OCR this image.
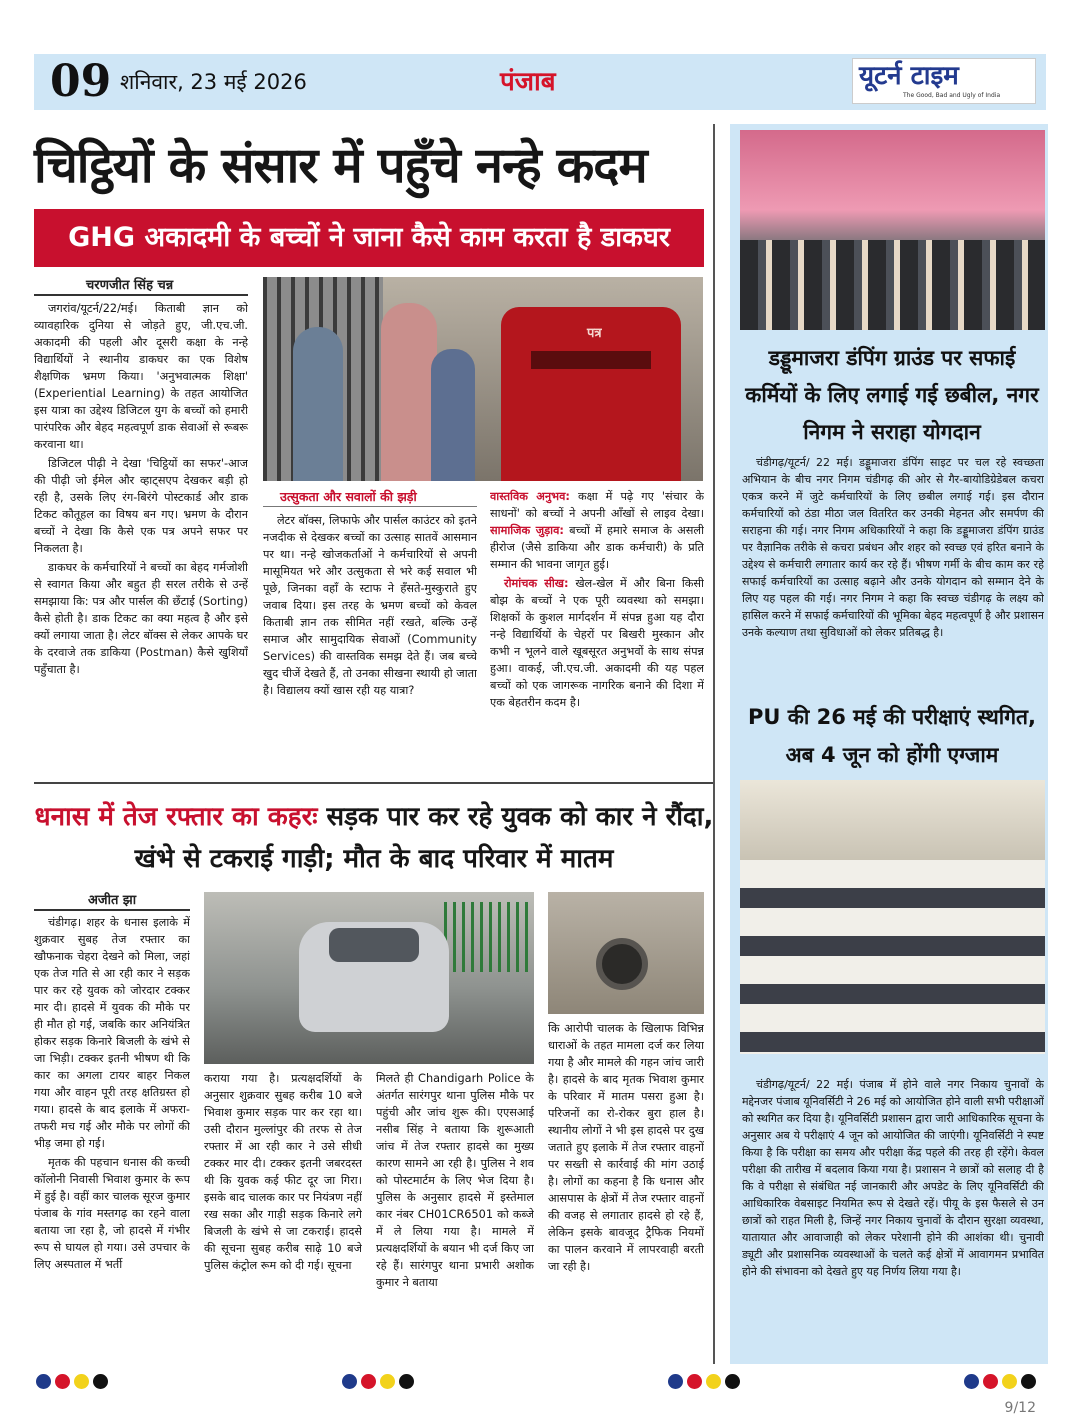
09 शनिवार, 23 मई 2026	पंजाब	यूटर्न टाइम
The Good, Bad and Ugly of India
चिट्ठियों के संसार में पहुँचे नन्हे कदम
GHG अकादमी के बच्चों ने जाना कैसे काम करता है डाकघर
चरणजीत सिंह चन्न

जगरांव/यूटर्न/22/मई। किताबी ज्ञान को व्यावहारिक दुनिया से जोड़ते हुए, जी.एच.जी. अकादमी की पहली और दूसरी कक्षा के नन्हे विद्यार्थियों ने स्थानीय डाकघर का एक विशेष शैक्षणिक भ्रमण किया। 'अनुभवात्मक शिक्षा' (Experiential Learning) के तहत आयोजित इस यात्रा का उद्देश्य डिजिटल युग के बच्चों को हमारी पारंपरिक और बेहद महत्वपूर्ण डाक सेवाओं से रूबरू करवाना था।

डिजिटल पीढ़ी ने देखा 'चिट्ठियों का सफर'-आज की पीढ़ी जो ईमेल और व्हाट्सएप देखकर बड़ी हो रही है, उसके लिए रंग-बिरंगे पोस्टकार्ड और डाक टिकट कौतूहल का विषय बन गए। भ्रमण के दौरान बच्चों ने देखा कि कैसे एक पत्र अपने सफर पर निकलता है।

डाकघर के कर्मचारियों ने बच्चों का बेहद गर्मजोशी से स्वागत किया और बहुत ही सरल तरीके से उन्हें समझाया कि: पत्र और पार्सल की छँटाई (Sorting) कैसे होती है। डाक टिकट का क्या महत्व है और इसे क्यों लगाया जाता है। लेटर बॉक्स से लेकर आपके घर के दरवाजे तक डाकिया (Postman) कैसे खुशियाँ पहुँचाता है।

पत्र
उत्सुकता और सवालों की झड़ी

लेटर बॉक्स, लिफाफे और पार्सल काउंटर को इतने नजदीक से देखकर बच्चों का उत्साह सातवें आसमान पर था। नन्हे खोजकर्ताओं ने कर्मचारियों से अपनी मासूमियत भरे और उत्सुकता से भरे कई सवाल भी पूछे, जिनका वहाँ के स्टाफ ने हँसते-मुस्कुराते हुए जवाब दिया। इस तरह के भ्रमण बच्चों को केवल किताबी ज्ञान तक सीमित नहीं रखते, बल्कि उन्हें समाज और सामुदायिक सेवाओं (Community Services) की वास्तविक समझ देते हैं। जब बच्चे खुद चीजें देखते हैं, तो उनका सीखना स्थायी हो जाता है। विद्यालय क्यों खास रही यह यात्रा?

वास्तविक अनुभव: कक्षा में पढ़े गए 'संचार के साधनों' को बच्चों ने अपनी आँखों से लाइव देखा। सामाजिक जुड़ाव: बच्चों में हमारे समाज के असली हीरोज (जैसे डाकिया और डाक कर्मचारी) के प्रति सम्मान की भावना जागृत हुई।

रोमांचक सीख: खेल-खेल में और बिना किसी बोझ के बच्चों ने एक पूरी व्यवस्था को समझा। शिक्षकों के कुशल मार्गदर्शन में संपन्न हुआ यह दौरा नन्हे विद्यार्थियों के चेहरों पर बिखरी मुस्कान और कभी न भूलने वाले खूबसूरत अनुभवों के साथ संपन्न हुआ। वाकई, जी.एच.जी. अकादमी की यह पहल बच्चों को एक जागरूक नागरिक बनाने की दिशा में एक बेहतरीन कदम है।

धनास में तेज रफ्तार का कहरः सड़क पार कर रहे युवक को कार ने रौंदा, खंभे से टकराई गाड़ी; मौत के बाद परिवार में मातम
अजीत झा

चंडीगढ़। शहर के धनास इलाके में शुक्रवार सुबह तेज रफ्तार का खौफनाक चेहरा देखने को मिला, जहां एक तेज गति से आ रही कार ने सड़क पार कर रहे युवक को जोरदार टक्कर मार दी। हादसे में युवक की मौके पर ही मौत हो गई, जबकि कार अनियंत्रित होकर सड़क किनारे बिजली के खंभे से जा भिड़ी। टक्कर इतनी भीषण थी कि कार का अगला टायर बाहर निकल गया और वाहन पूरी तरह क्षतिग्रस्त हो गया। हादसे के बाद इलाके में अफरा-तफरी मच गई और मौके पर लोगों की भीड़ जमा हो गई।

मृतक की पहचान धनास की कच्ची कॉलोनी निवासी भिवाश कुमार के रूप में हुई है। वहीं कार चालक सूरज कुमार पंजाब के गांव मस्तगढ़ का रहने वाला बताया जा रहा है, जो हादसे में गंभीर रूप से घायल हो गया। उसे उपचार के लिए अस्पताल में भर्ती

कराया गया है। प्रत्यक्षदर्शियों के अनुसार शुक्रवार सुबह करीब 10 बजे भिवाश कुमार सड़क पार कर रहा था। उसी दौरान मुल्लांपुर की तरफ से तेज रफ्तार में आ रही कार ने उसे सीधी टक्कर मार दी। टक्कर इतनी जबरदस्त थी कि युवक कई फीट दूर जा गिरा। इसके बाद चालक कार पर नियंत्रण नहीं रख सका और गाड़ी सड़क किनारे लगे बिजली के खंभे से जा टकराई। हादसे की सूचना सुबह करीब साढ़े 10 बजे पुलिस कंट्रोल रूम को दी गई। सूचना

मिलते ही Chandigarh Police के अंतर्गत सारंगपुर थाना पुलिस मौके पर पहुंची और जांच शुरू की। एएसआई नसीब सिंह ने बताया कि शुरूआती जांच में तेज रफ्तार हादसे का मुख्य कारण सामने आ रही है। पुलिस ने शव को पोस्टमार्टम के लिए भेज दिया है। पुलिस के अनुसार हादसे में इस्तेमाल कार नंबर CH01CR6501 को कब्जे में ले लिया गया है। मामले में प्रत्यक्षदर्शियों के बयान भी दर्ज किए जा रहे हैं। सारंगपुर थाना प्रभारी अशोक कुमार ने बताया

कि आरोपी चालक के खिलाफ विभिन्न धाराओं के तहत मामला दर्ज कर लिया गया है और मामले की गहन जांच जारी है। हादसे के बाद मृतक भिवाश कुमार के परिवार में मातम पसरा हुआ है। परिजनों का रो-रोकर बुरा हाल है। स्थानीय लोगों ने भी इस हादसे पर दुख जताते हुए इलाके में तेज रफ्तार वाहनों पर सख्ती से कार्रवाई की मांग उठाई है। लोगों का कहना है कि धनास और आसपास के क्षेत्रों में तेज रफ्तार वाहनों की वजह से लगातार हादसे हो रहे हैं, लेकिन इसके बावजूद ट्रैफिक नियमों का पालन करवाने में लापरवाही बरती जा रही है।

डड्डूमाजरा डंपिंग ग्राउंड पर सफाई कर्मियों के लिए लगाई गई छबील, नगर निगम ने सराहा योगदान

चंडीगढ़/यूटर्न/ 22 मई। डड्डूमाजरा डंपिंग साइट पर चल रहे स्वच्छता अभियान के बीच नगर निगम चंडीगढ़ की ओर से गैर-बायोडिग्रेडेबल कचरा एकत्र करने में जुटे कर्मचारियों के लिए छबील लगाई गई। इस दौरान कर्मचारियों को ठंडा मीठा जल वितरित कर उनकी मेहनत और समर्पण की सराहना की गई। नगर निगम अधिकारियों ने कहा कि डड्डूमाजरा डंपिंग ग्राउंड पर वैज्ञानिक तरीके से कचरा प्रबंधन और शहर को स्वच्छ एवं हरित बनाने के उद्देश्य से कर्मचारी लगातार कार्य कर रहे हैं। भीषण गर्मी के बीच काम कर रहे सफाई कर्मचारियों का उत्साह बढ़ाने और उनके योगदान को सम्मान देने के लिए यह पहल की गई। नगर निगम ने कहा कि स्वच्छ चंडीगढ़ के लक्ष्य को हासिल करने में सफाई कर्मचारियों की भूमिका बेहद महत्वपूर्ण है और प्रशासन उनके कल्याण तथा सुविधाओं को लेकर प्रतिबद्ध है।

PU की 26 मई की परीक्षाएं स्थगित, अब 4 जून को होंगी एग्जाम

चंडीगढ़/यूटर्न/ 22 मई। पंजाब में होने वाले नगर निकाय चुनावों के मद्देनजर पंजाब यूनिवर्सिटी ने 26 मई को आयोजित होने वाली सभी परीक्षाओं को स्थगित कर दिया है। यूनिवर्सिटी प्रशासन द्वारा जारी आधिकारिक सूचना के अनुसार अब ये परीक्षाएं 4 जून को आयोजित की जाएंगी। यूनिवर्सिटी ने स्पष्ट किया है कि परीक्षा का समय और परीक्षा केंद्र पहले की तरह ही रहेंगे। केवल परीक्षा की तारीख में बदलाव किया गया है। प्रशासन ने छात्रों को सलाह दी है कि वे परीक्षा से संबंधित नई जानकारी और अपडेट के लिए यूनिवर्सिटी की आधिकारिक वेबसाइट नियमित रूप से देखते रहें। पीयू के इस फैसले से उन छात्रों को राहत मिली है, जिन्हें नगर निकाय चुनावों के दौरान सुरक्षा व्यवस्था, यातायात और आवाजाही को लेकर परेशानी होने की आशंका थी। चुनावी ड्यूटी और प्रशासनिक व्यवस्थाओं के चलते कई क्षेत्रों में आवागमन प्रभावित होने की संभावना को देखते हुए यह निर्णय लिया गया है।

9/12
